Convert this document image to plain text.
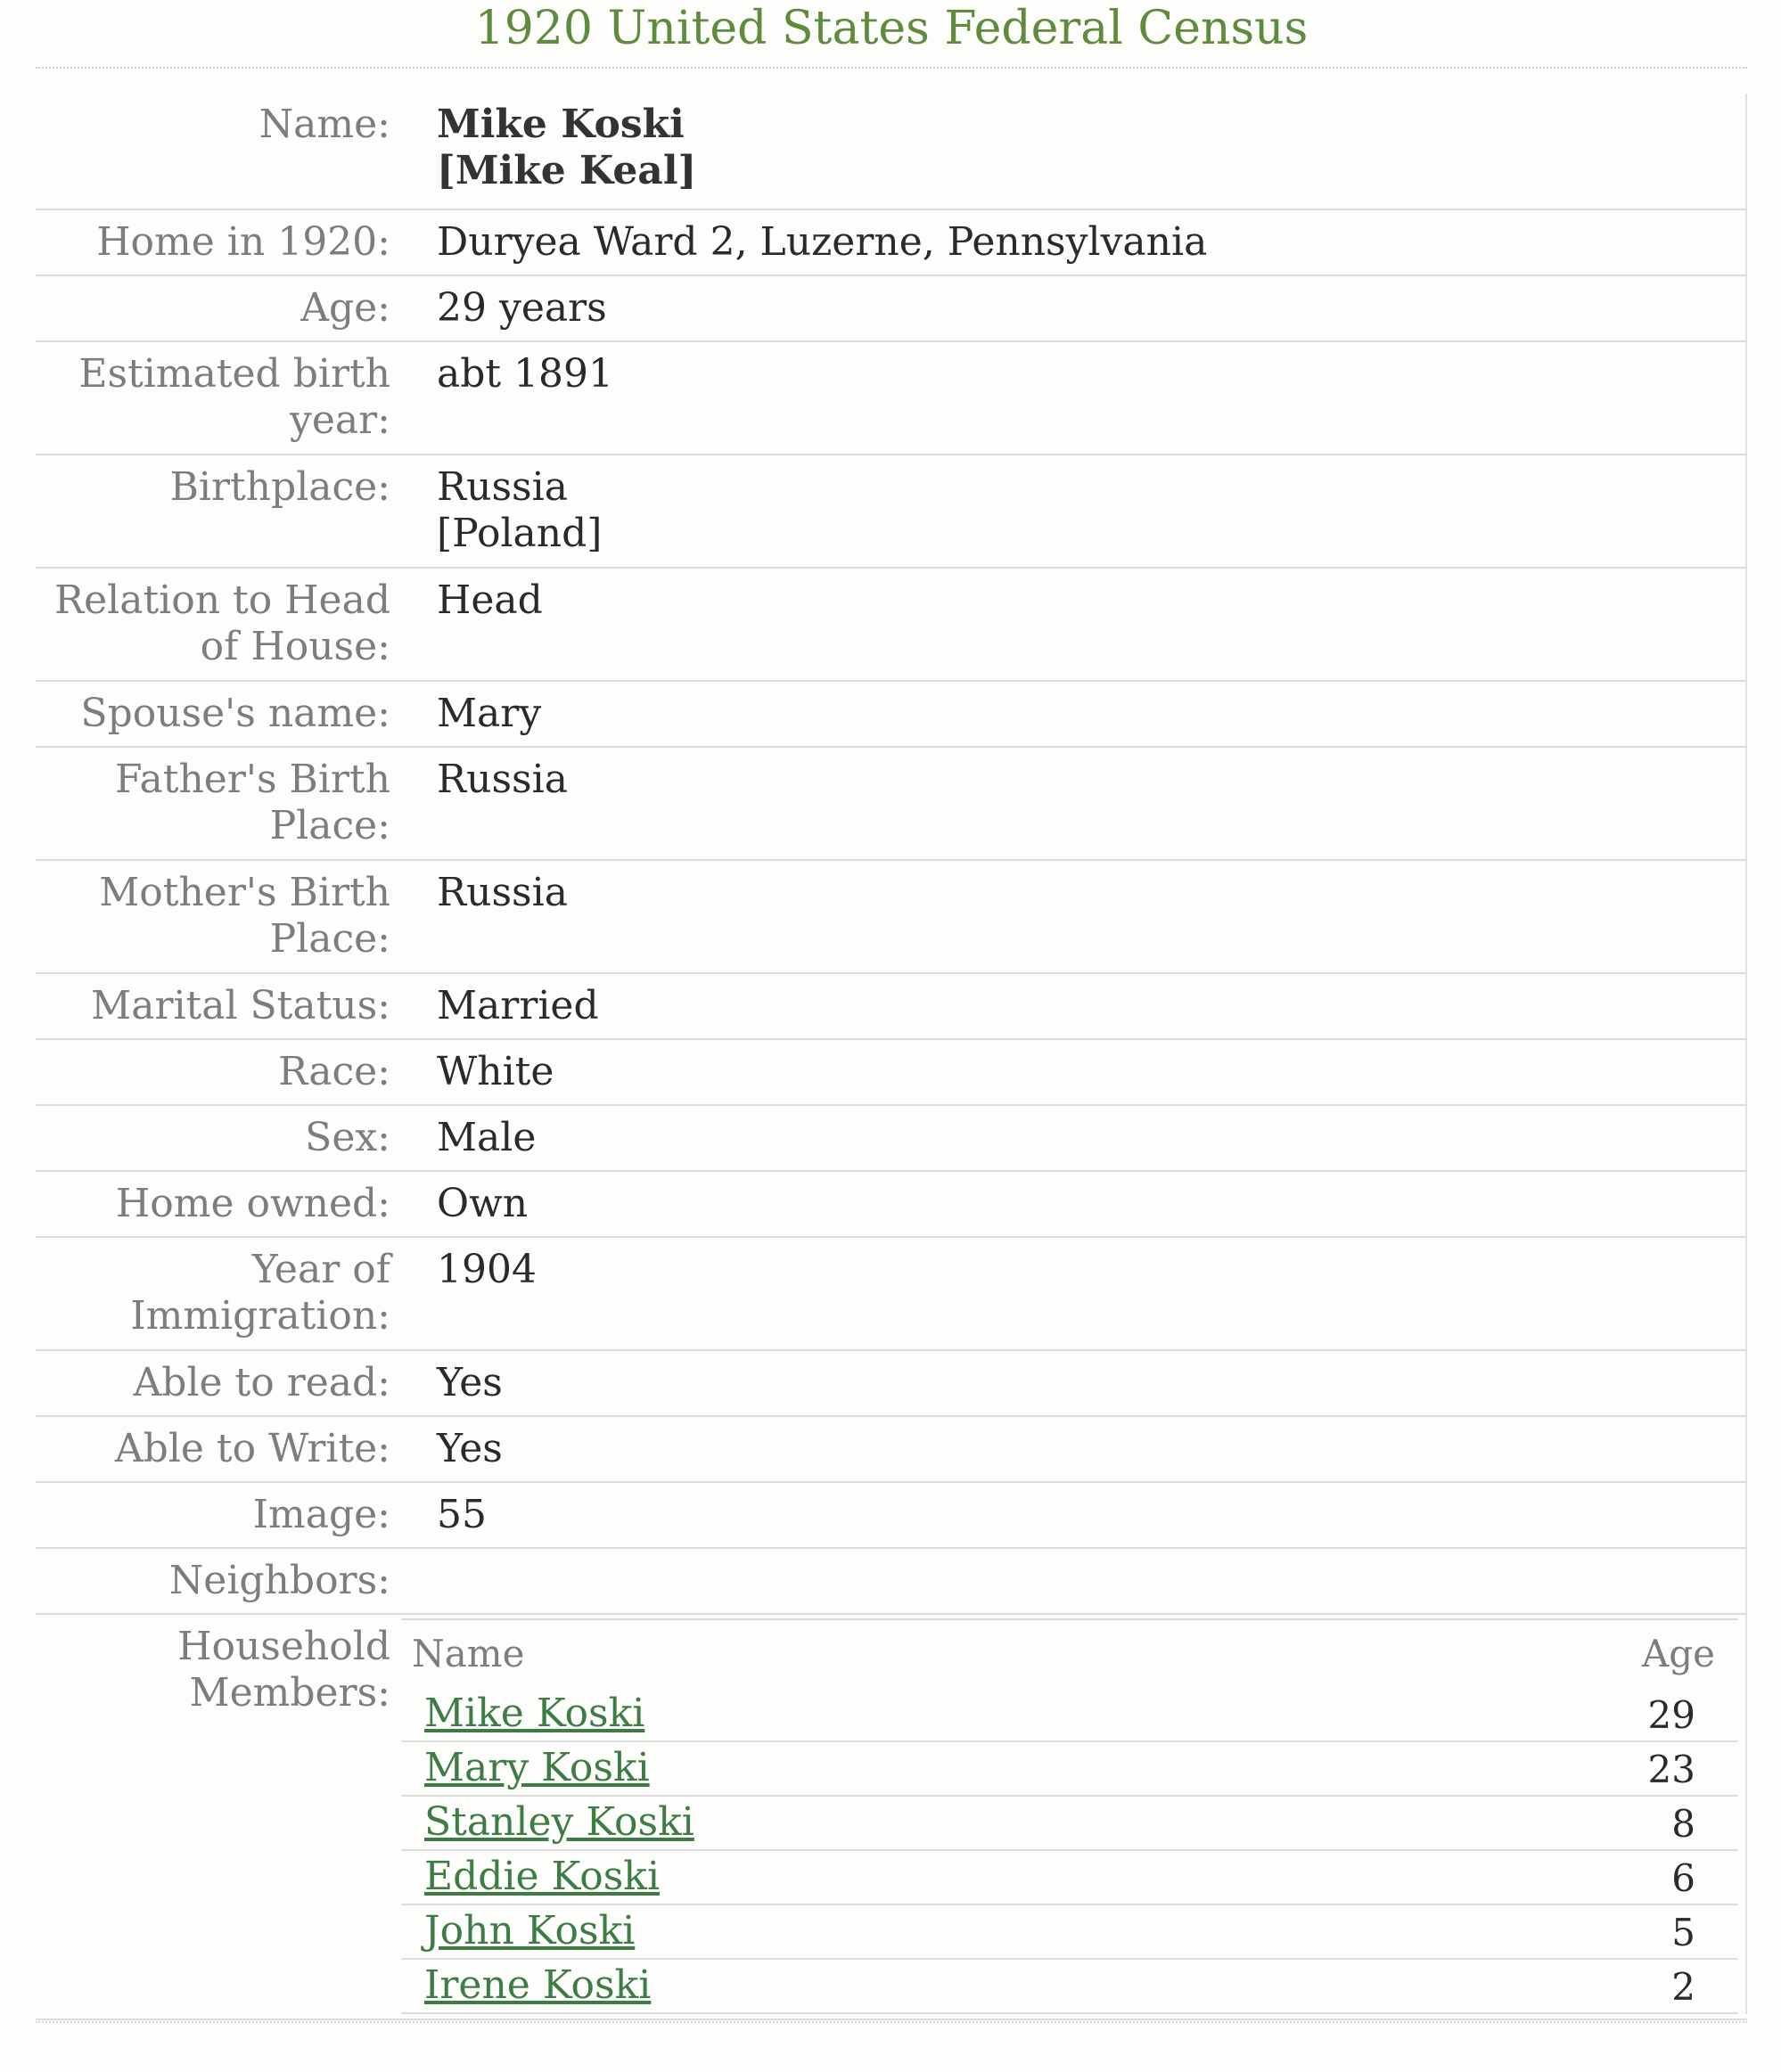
1920 United States Federal Census
Name: Mike Koski
[Mike Keal]
Home in 1920: Duryea Ward 2, Luzerne, Pennsylvania
Age: 29 years
Estimated birth
year:
abt 1891
Birthplace: Russia
[Poland]
Relation to Head
of House:
Head
Spouse's name: Mary
Father's Birth
Place:
Russia
Mother's Birth
Place:
Russia
Marital Status: Married
Race: White
Sex: Male
Home owned: Own
Year of
Immigration:
1904
Able to read: Yes
Able to Write: Yes
Image: 55
Neighbors:
Household
Members:
Name	Age
Mike Koski	29
Mary Koski	23
Stanley Koski	8
Eddie Koski	6
John Koski	5
Irene Koski	2
